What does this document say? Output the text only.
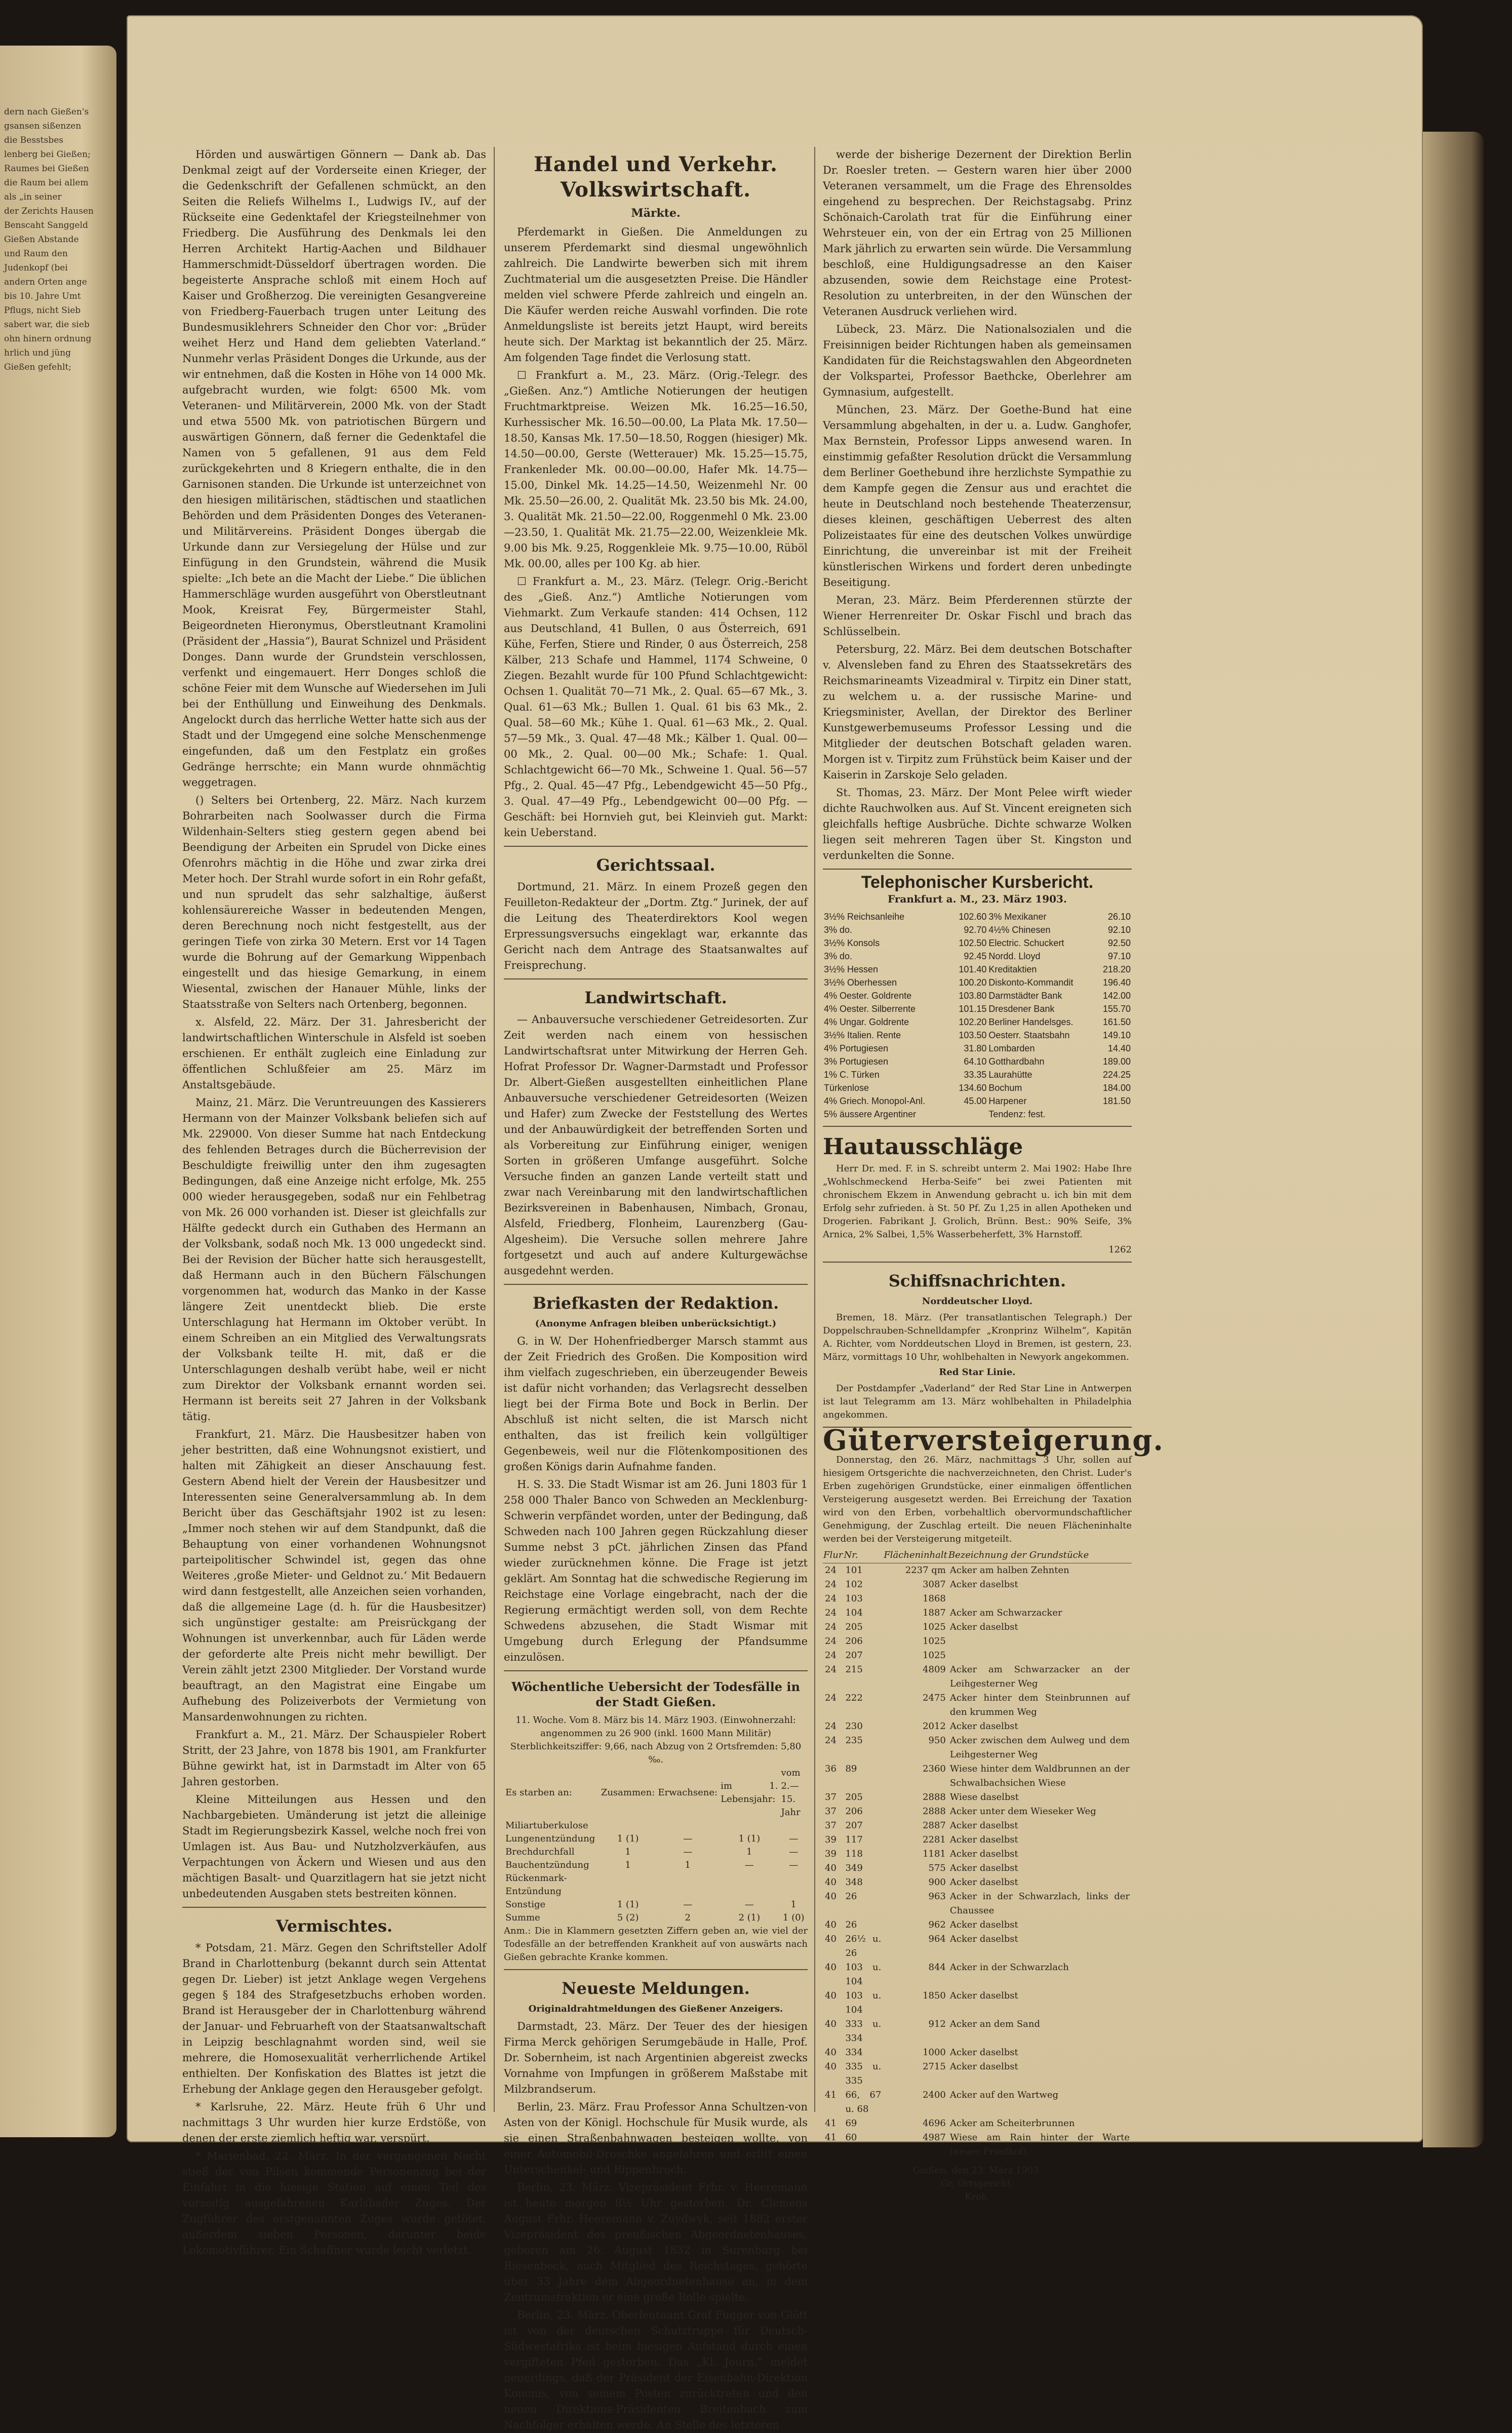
dern nach Gießen's

gsansen sißenzen

die Besstsbes

lenberg bei Gießen;

Raumes bei Gießen

die Raum bei allem

als „in seiner

der Zerichts Hausen

Benscaht Sanggeld

Gießen Abstande

und Raum den

Judenkopf (bei

andern Orten ange

bis 10. Jahre Umt

Pflugs, nicht Sieb

sabert war, die sieb

ohn hinern ordnung

hrlich und jüng

Gießen gefehlt;

Hörden und auswärtigen Gönnern — Dank ab. Das Denkmal zeigt auf der Vorderseite einen Krieger, der die Gedenkschrift der Gefallenen schmückt, an den Seiten die Reliefs Wilhelms I., Ludwigs IV., auf der Rückseite eine Gedenktafel der Kriegsteilnehmer von Friedberg. Die Ausführung des Denkmals lei den Herren Architekt Hartig-Aachen und Bildhauer Hammerschmidt-Düsseldorf übertragen worden. Die begeisterte Ansprache schloß mit einem Hoch auf Kaiser und Großherzog. Die vereinigten Gesangvereine von Friedberg-Fauerbach trugen unter Leitung des Bundesmusiklehrers Schneider den Chor vor: „Brüder weihet Herz und Hand dem geliebten Vaterland.“ Nunmehr verlas Präsident Donges die Urkunde, aus der wir entnehmen, daß die Kosten in Höhe von 14 000 Mk. aufgebracht wurden, wie folgt: 6500 Mk. vom Veteranen- und Militärverein, 2000 Mk. von der Stadt und etwa 5500 Mk. von patriotischen Bürgern und auswärtigen Gönnern, daß ferner die Gedenktafel die Namen von 5 gefallenen, 91 aus dem Feld zurückgekehrten und 8 Kriegern enthalte, die in den Garnisonen standen. Die Urkunde ist unterzeichnet von den hiesigen militärischen, städtischen und staatlichen Behörden und dem Präsidenten Donges des Veteranen- und Militärvereins. Präsident Donges übergab die Urkunde dann zur Versiegelung der Hülse und zur Einfügung in den Grundstein, während die Musik spielte: „Ich bete an die Macht der Liebe.“ Die üblichen Hammerschläge wurden ausgeführt von Oberstleutnant Mook, Kreisrat Fey, Bürgermeister Stahl, Beigeordneten Hieronymus, Oberstleutnant Kramolini (Präsident der „Hassia“), Baurat Schnizel und Präsident Donges. Dann wurde der Grundstein verschlossen, verfenkt und eingemauert. Herr Donges schloß die schöne Feier mit dem Wunsche auf Wiedersehen im Juli bei der Enthüllung und Einweihung des Denkmals. Angelockt durch das herrliche Wetter hatte sich aus der Stadt und der Umgegend eine solche Menschenmenge eingefunden, daß um den Festplatz ein großes Gedränge herrschte; ein Mann wurde ohnmächtig weggetragen.

() Selters bei Ortenberg, 22. März. Nach kurzem Bohrarbeiten nach Soolwasser durch die Firma Wildenhain-Selters stieg gestern gegen abend bei Beendigung der Arbeiten ein Sprudel von Dicke eines Ofenrohrs mächtig in die Höhe und zwar zirka drei Meter hoch. Der Strahl wurde sofort in ein Rohr gefaßt, und nun sprudelt das sehr salzhaltige, äußerst kohlensäurereiche Wasser in bedeutenden Mengen, deren Berechnung noch nicht festgestellt, aus der geringen Tiefe von zirka 30 Metern. Erst vor 14 Tagen wurde die Bohrung auf der Gemarkung Wippenbach eingestellt und das hiesige Gemarkung, in einem Wiesental, zwischen der Hanauer Mühle, links der Staatsstraße von Selters nach Ortenberg, begonnen.

x. Alsfeld, 22. März. Der 31. Jahresbericht der landwirtschaftlichen Winterschule in Alsfeld ist soeben erschienen. Er enthält zugleich eine Einladung zur öffentlichen Schlußfeier am 25. März im Anstaltsgebäude.

Mainz, 21. März. Die Veruntreuungen des Kassierers Hermann von der Mainzer Volksbank beliefen sich auf Mk. 229000. Von dieser Summe hat nach Entdeckung des fehlenden Betrages durch die Bücherrevision der Beschuldigte freiwillig unter den ihm zugesagten Bedingungen, daß eine Anzeige nicht erfolge, Mk. 255 000 wieder herausgegeben, sodaß nur ein Fehlbetrag von Mk. 26 000 vorhanden ist. Dieser ist gleichfalls zur Hälfte gedeckt durch ein Guthaben des Hermann an der Volksbank, sodaß noch Mk. 13 000 ungedeckt sind. Bei der Revision der Bücher hatte sich herausgestellt, daß Hermann auch in den Büchern Fälschungen vorgenommen hat, wodurch das Manko in der Kasse längere Zeit unentdeckt blieb. Die erste Unterschlagung hat Hermann im Oktober verübt. In einem Schreiben an ein Mitglied des Verwaltungsrats der Volksbank teilte H. mit, daß er die Unterschlagungen deshalb verübt habe, weil er nicht zum Direktor der Volksbank ernannt worden sei. Hermann ist bereits seit 27 Jahren in der Volksbank tätig.

Frankfurt, 21. März. Die Hausbesitzer haben von jeher bestritten, daß eine Wohnungsnot existiert, und halten mit Zähigkeit an dieser Anschauung fest. Gestern Abend hielt der Verein der Hausbesitzer und Interessenten seine Generalversammlung ab. In dem Bericht über das Geschäftsjahr 1902 ist zu lesen: „Immer noch stehen wir auf dem Standpunkt, daß die Behauptung von einer vorhandenen Wohnungsnot parteipolitischer Schwindel ist, gegen das ohne Weiteres ‚große Mieter- und Geldnot zu.‘ Mit Bedauern wird dann festgestellt, alle Anzeichen seien vorhanden, daß die allgemeine Lage (d. h. für die Hausbesitzer) sich ungünstiger gestalte: am Preisrückgang der Wohnungen ist unverkennbar, auch für Läden werde der geforderte alte Preis nicht mehr bewilligt. Der Verein zählt jetzt 2300 Mitglieder. Der Vorstand wurde beauftragt, an den Magistrat eine Eingabe um Aufhebung des Polizeiverbots der Vermietung von Mansardenwohnungen zu richten.

Frankfurt a. M., 21. März. Der Schauspieler Robert Stritt, der 23 Jahre, von 1878 bis 1901, am Frankfurter Bühne gewirkt hat, ist in Darmstadt im Alter von 65 Jahren gestorben.

Kleine Mitteilungen aus Hessen und den Nachbargebieten. Umänderung ist jetzt die alleinige Stadt im Regierungsbezirk Kassel, welche noch frei von Umlagen ist. Aus Bau- und Nutzholzverkäufen, aus Verpachtungen von Äckern und Wiesen und aus den mächtigen Basalt- und Quarzitlagern hat sie jetzt nicht unbedeutenden Ausgaben stets bestreiten können.

Vermischtes.

* Potsdam, 21. März. Gegen den Schriftsteller Adolf Brand in Charlottenburg (bekannt durch sein Attentat gegen Dr. Lieber) ist jetzt Anklage wegen Vergehens gegen § 184 des Strafgesetzbuchs erhoben worden. Brand ist Herausgeber der in Charlottenburg während der Januar- und Februarheft von der Staatsanwaltschaft in Leipzig beschlagnahmt worden sind, weil sie mehrere, die Homosexualität verherrlichende Artikel enthielten. Der Konfiskation des Blattes ist jetzt die Erhebung der Anklage gegen den Herausgeber gefolgt.

* Karlsruhe, 22. März. Heute früh 6 Uhr und nachmittags 3 Uhr wurden hier kurze Erdstöße, von denen der erste ziemlich heftig war, verspürt.

* Marienbad, 22. März. In der vergangenen Nacht stieß der von Pilsen kommende Personenzug bei der Einfahrt in die hiesige Station auf einen Teil des vorzeitig ausgefahrenen Karlsbader Zuges. Der Zugführer des erstgenannten Zuges wurde getötet, außerdem sieben Personen, darunter beide Lokomotivführer. Ein Schaffner wurde leicht verletzt.

Handel und Verkehr. Volkswirtschaft.
Märkte.

Pferdemarkt in Gießen. Die Anmeldungen zu unserem Pferdemarkt sind diesmal ungewöhnlich zahlreich. Die Landwirte bewerben sich mit ihrem Zuchtmaterial um die ausgesetzten Preise. Die Händler melden viel schwere Pferde zahlreich und eingeln an. Die Käufer werden reiche Auswahl vorfinden. Die rote Anmeldungsliste ist bereits jetzt Haupt, wird bereits heute sich. Der Marktag ist bekanntlich der 25. März. Am folgenden Tage findet die Verlosung statt.

☐ Frankfurt a. M., 23. März. (Orig.-Telegr. des „Gießen. Anz.“) Amtliche Notierungen der heutigen Fruchtmarktpreise. Weizen Mk. 16.25—16.50, Kurhessischer Mk. 16.50—00.00, La Plata Mk. 17.50—18.50, Kansas Mk. 17.50—18.50, Roggen (hiesiger) Mk. 14.50—00.00, Gerste (Wetterauer) Mk. 15.25—15.75, Frankenleder Mk. 00.00—00.00, Hafer Mk. 14.75—15.00, Dinkel Mk. 14.25—14.50, Weizenmehl Nr. 00 Mk. 25.50—26.00, 2. Qualität Mk. 23.50 bis Mk. 24.00, 3. Qualität Mk. 21.50—22.00, Roggenmehl 0 Mk. 23.00—23.50, 1. Qualität Mk. 21.75—22.00, Weizenkleie Mk. 9.00 bis Mk. 9.25, Roggenkleie Mk. 9.75—10.00, Rüböl Mk. 00.00, alles per 100 Kg. ab hier.

☐ Frankfurt a. M., 23. März. (Telegr. Orig.-Bericht des „Gieß. Anz.“) Amtliche Notierungen vom Viehmarkt. Zum Verkaufe standen: 414 Ochsen, 112 aus Deutschland, 41 Bullen, 0 aus Österreich, 691 Kühe, Ferfen, Stiere und Rinder, 0 aus Österreich, 258 Kälber, 213 Schafe und Hammel, 1174 Schweine, 0 Ziegen. Bezahlt wurde für 100 Pfund Schlachtgewicht: Ochsen 1. Qualität 70—71 Mk., 2. Qual. 65—67 Mk., 3. Qual. 61—63 Mk.; Bullen 1. Qual. 61 bis 63 Mk., 2. Qual. 58—60 Mk.; Kühe 1. Qual. 61—63 Mk., 2. Qual. 57—59 Mk., 3. Qual. 47—48 Mk.; Kälber 1. Qual. 00—00 Mk., 2. Qual. 00—00 Mk.; Schafe: 1. Qual. Schlachtgewicht 66—70 Mk., Schweine 1. Qual. 56—57 Pfg., 2. Qual. 45—47 Pfg., Lebendgewicht 45—50 Pfg., 3. Qual. 47—49 Pfg., Lebendgewicht 00—00 Pfg. — Geschäft: bei Hornvieh gut, bei Kleinvieh gut. Markt: kein Ueberstand.

Gerichtssaal.

Dortmund, 21. März. In einem Prozeß gegen den Feuilleton-Redakteur der „Dortm. Ztg.“ Jurinek, der auf die Leitung des Theaterdirektors Kool wegen Erpressungsversuchs eingeklagt war, erkannte das Gericht nach dem Antrage des Staatsanwaltes auf Freisprechung.

Landwirtschaft.

— Anbauversuche verschiedener Getreidesorten. Zur Zeit werden nach einem von hessischen Landwirtschaftsrat unter Mitwirkung der Herren Geh. Hofrat Professor Dr. Wagner-Darmstadt und Professor Dr. Albert-Gießen ausgestellten einheitlichen Plane Anbauversuche verschiedener Getreidesorten (Weizen und Hafer) zum Zwecke der Feststellung des Wertes und der Anbauwürdigkeit der betreffenden Sorten und als Vorbereitung zur Einführung einiger, wenigen Sorten in größeren Umfange ausgeführt. Solche Versuche finden an ganzen Lande verteilt statt und zwar nach Vereinbarung mit den landwirtschaftlichen Bezirksvereinen in Babenhausen, Nimbach, Gronau, Alsfeld, Friedberg, Flonheim, Laurenzberg (Gau-Algesheim). Die Versuche sollen mehrere Jahre fortgesetzt und auch auf andere Kulturgewächse ausgedehnt werden.

Briefkasten der Redaktion.
(Anonyme Anfragen bleiben unberücksichtigt.)

G. in W. Der Hohenfriedberger Marsch stammt aus der Zeit Friedrich des Großen. Die Komposition wird ihm vielfach zugeschrieben, ein überzeugender Beweis ist dafür nicht vorhanden; das Verlagsrecht desselben liegt bei der Firma Bote und Bock in Berlin. Der Abschluß ist nicht selten, die ist Marsch nicht enthalten, das ist freilich kein vollgültiger Gegenbeweis, weil nur die Flötenkompositionen des großen Königs darin Aufnahme fanden.

H. S. 33. Die Stadt Wismar ist am 26. Juni 1803 für 1 258 000 Thaler Banco von Schweden an Mecklenburg-Schwerin verpfändet worden, unter der Bedingung, daß Schweden nach 100 Jahren gegen Rückzahlung dieser Summe nebst 3 pCt. jährlichen Zinsen das Pfand wieder zurücknehmen könne. Die Frage ist jetzt geklärt. Am Sonntag hat die schwedische Regierung im Reichstage eine Vorlage eingebracht, nach der die Regierung ermächtigt werden soll, von dem Rechte Schwedens abzusehen, die Stadt Wismar mit Umgebung durch Erlegung der Pfandsumme einzulösen.

Wöchentliche Uebersicht der Todesfälle in der Stadt Gießen.
11. Woche. Vom 8. März bis 14. März 1903. (Einwohnerzahl: angenommen zu 26 900 (inkl. 1600 Mann Militär) Sterblichkeitsziffer: 9,66, nach Abzug von 2 Ortsfremden: 5,80 ‰.
Es starben an:	Zusammen:	Erwachsene:	im 1. Lebensjahr:	vom 2.—15. Jahr
Miliartuberkulose				
Lungenentzündung	1 (1)	—	1 (1)	—
Brechdurchfall	1	—	1	—
Bauchentzündung	1	1	—	—
Rückenmark-Entzündung				
Sonstige	1 (1)	—	—	1
Summe	5 (2)	2	2 (1)	1 (0)
Anm.: Die in Klammern gesetzten Ziffern geben an, wie viel der Todesfälle an der betreffenden Krankheit auf von auswärts nach Gießen gebrachte Kranke kommen.
Neueste Meldungen.
Originaldrahtmeldungen des Gießener Anzeigers.

Darmstadt, 23. März. Der Teuer des der hiesigen Firma Merck gehörigen Serumgebäude in Halle, Prof. Dr. Sobernheim, ist nach Argentinien abgereist zwecks Vornahme von Impfungen in größerem Maßstabe mit Milzbrandserum.

Berlin, 23. März. Frau Professor Anna Schultzen-von Asten von der Königl. Hochschule für Musik wurde, als sie einen Straßenbahnwagen besteigen wollte, von einer Automobil-Droschke angefahren und erlitt einen Unterschenkel- und Rippenbruch.

Berlin, 23. März. Vizepräsident Frhr. v. Heeremann ist heute morgen 8½ Uhr gestorben. Dr. Clemens August Frhr. Heeremann v. Zuydwyk, seit 1882 erster Vizepräsident des preußischen Abgeordnetenhauses, geboren am 26. August 1832 in Surenburg bei Riesenbeck, auch Mitglied des Reichstages, gehörte über 33 Jahre dem Abgeordnetenhause an, in dem Zentrumsfraktion er eine große Rolle spielte.

Berlin, 23. März. Oberleutnant Graf Fugger von Glött ist von der deutschen Schutztruppe für Deutsch-Südwestafrika ist beim hiesigen Aufstand durch einen vergifteten Pfeil gestorben. Das „Kl. Journ.“ meldet neuerdings, daß der Präsident der Eisenbahn-Direktion Kononis, von seinem Posten zurücktreten und den neuen Direktions-Präsidenten Breitenbach zum Nachfolger erhalten werde. An Stelle des letzteren

werde der bisherige Dezernent der Direktion Berlin Dr. Roesler treten. — Gestern waren hier über 2000 Veteranen versammelt, um die Frage des Ehrensoldes eingehend zu besprechen. Der Reichstagsabg. Prinz Schönaich-Carolath trat für die Einführung einer Wehrsteuer ein, von der ein Ertrag von 25 Millionen Mark jährlich zu erwarten sein würde. Die Versammlung beschloß, eine Huldigungsadresse an den Kaiser abzusenden, sowie dem Reichstage eine Protest-Resolution zu unterbreiten, in der den Wünschen der Veteranen Ausdruck verliehen wird.

Lübeck, 23. März. Die Nationalsozialen und die Freisinnigen beider Richtungen haben als gemeinsamen Kandidaten für die Reichstagswahlen den Abgeordneten der Volkspartei, Professor Baethcke, Oberlehrer am Gymnasium, aufgestellt.

München, 23. März. Der Goethe-Bund hat eine Versammlung abgehalten, in der u. a. Ludw. Ganghofer, Max Bernstein, Professor Lipps anwesend waren. In einstimmig gefaßter Resolution drückt die Versammlung dem Berliner Goethebund ihre herzlichste Sympathie zu dem Kampfe gegen die Zensur aus und erachtet die heute in Deutschland noch bestehende Theaterzensur, dieses kleinen, geschäftigen Ueberrest des alten Polizeistaates für eine des deutschen Volkes unwürdige Einrichtung, die unvereinbar ist mit der Freiheit künstlerischen Wirkens und fordert deren unbedingte Beseitigung.

Meran, 23. März. Beim Pferderennen stürzte der Wiener Herrenreiter Dr. Oskar Fischl und brach das Schlüsselbein.

Petersburg, 22. März. Bei dem deutschen Botschafter v. Alvensleben fand zu Ehren des Staatssekretärs des Reichsmarineamts Vizeadmiral v. Tirpitz ein Diner statt, zu welchem u. a. der russische Marine- und Kriegsminister, Avellan, der Direktor des Berliner Kunstgewerbemuseums Professor Lessing und die Mitglieder der deutschen Botschaft geladen waren. Morgen ist v. Tirpitz zum Frühstück beim Kaiser und der Kaiserin in Zarskoje Selo geladen.

St. Thomas, 23. März. Der Mont Pelee wirft wieder dichte Rauchwolken aus. Auf St. Vincent ereigneten sich gleichfalls heftige Ausbrüche. Dichte schwarze Wolken liegen seit mehreren Tagen über St. Kingston und verdunkelten die Sonne.

Telephonischer Kursbericht.
Frankfurt a. M., 23. März 1903.
3½% Reichsanleihe	102.60	3% Mexikaner	26.10
3% do.	92.70	4½% Chinesen	92.10
3½% Konsols	102.50	Electric. Schuckert	92.50
3% do.	92.45	Nordd. Lloyd	97.10
3½% Hessen	101.40	Kreditaktien	218.20
3½% Oberhessen	100.20	Diskonto-Kommandit	196.40
4% Oester. Goldrente	103.80	Darmstädter Bank	142.00
4% Oester. Silberrente	101.15	Dresdener Bank	155.70
4% Ungar. Goldrente	102.20	Berliner Handelsges.	161.50
3½% Italien. Rente	103.50	Oesterr. Staatsbahn	149.10
4% Portugiesen	31.80	Lombarden	14.40
3% Portugiesen	64.10	Gotthardbahn	189.00
1% C. Türken	33.35	Laurahütte	224.25
Türkenlose	134.60	Bochum	184.00
4% Griech. Monopol-Anl.	45.00	Harpener	181.50
5% äussere Argentiner		Tendenz: fest.	
Hautausschläge

Herr Dr. med. F. in S. schreibt unterm 2. Mai 1902: Habe Ihre „Wohlschmeckend Herba-Seife“ bei zwei Patienten mit chronischem Ekzem in Anwendung gebracht u. ich bin mit dem Erfolg sehr zufrieden. à St. 50 Pf. Zu 1,25 in allen Apotheken und Drogerien. Fabrikant J. Grolich, Brünn. Best.: 90% Seife, 3% Arnica, 2% Salbei, 1,5% Wasserbeherfett, 3% Harnstoff.

1262
Schiffsnachrichten.
Norddeutscher Lloyd.

Bremen, 18. März. (Per transatlantischen Telegraph.) Der Doppelschrauben-Schnelldampfer „Kronprinz Wilhelm“, Kapitän A. Richter, vom Norddeutschen Lloyd in Bremen, ist gestern, 23. März, vormittags 10 Uhr, wohlbehalten in Newyork angekommen.

Red Star Linie.

Der Postdampfer „Vaderland“ der Red Star Line in Antwerpen ist laut Telegramm am 13. März wohlbehalten in Philadelphia angekommen.

Güterversteigerung.

Donnerstag, den 26. März, nachmittags 3 Uhr, sollen auf hiesigem Ortsgerichte die nachverzeichneten, den Christ. Luder's Erben zugehörigen Grundstücke, einer einmaligen öffentlichen Versteigerung ausgesetzt werden. Bei Erreichung der Taxation wird von den Erben, vorbehaltlich obervormundschaftlicher Genehmigung, der Zuschlag erteilt. Die neuen Flächeninhalte werden bei der Versteigerung mitgeteilt.

Flur	Nr.	Flächeninhalt	Bezeichnung der Grundstücke
24	101	2237 qm	Acker am halben Zehnten
24	102	3087	Acker daselbst
24	103	1868	
24	104	1887	Acker am Schwarzacker
24	205	1025	Acker daselbst
24	206	1025	
24	207	1025	
24	215	4809	Acker am Schwarzacker an der Leihgesterner Weg
24	222	2475	Acker hinter dem Steinbrunnen auf den krummen Weg
24	230	2012	Acker daselbst
24	235	950	Acker zwischen dem Aulweg und dem Leihgesterner Weg
36	89	2360	Wiese hinter dem Waldbrunnen an der Schwalbachsichen Wiese
37	205	2888	Wiese daselbst
37	206	2888	Acker unter dem Wieseker Weg
37	207	2887	Acker daselbst
39	117	2281	Acker daselbst
39	118	1181	Acker daselbst
40	349	575	Acker daselbst
40	348	900	Acker daselbst
40	26	963	Acker in der Schwarzlach, links der Chaussee
40	26	962	Acker daselbst
40	26½ u. 26	964	Acker daselbst
40	103 u. 104	844	Acker in der Schwarzlach
40	103 u. 104	1850	Acker daselbst
40	333 u. 334	912	Acker an dem Sand
40	334	1000	Acker daselbst
40	335 u. 335	2715	Acker daselbst
41	66, 67 u. 68	2400	Acker auf den Wartweg
41	69	4696	Acker am Scheiterbrunnen
41	60	4987	Wiese am Rain hinter der Warte (neuer Friedhof).
Gießen, den 23. März 1903.
Gr. Ortsgericht.
Krok.
